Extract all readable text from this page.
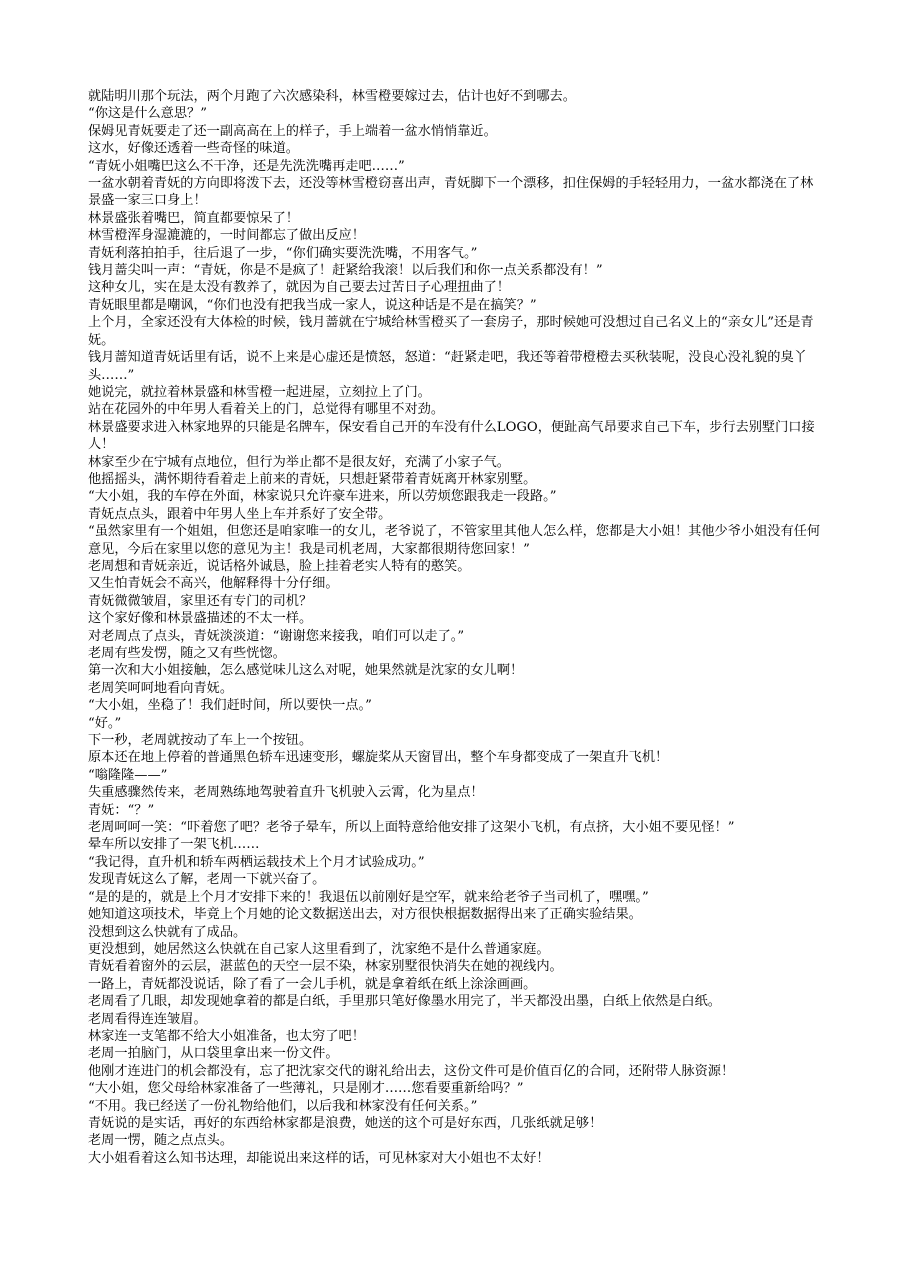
就陆明川那个玩法，两个月跑了六次感染科，林雪橙要嫁过去，估计也好不到哪去。

“你这是什么意思？”

保姆见青妩要走了还一副高高在上的样子，手上端着一盆水悄悄靠近。

这水，好像还透着一些奇怪的味道。

“青妩小姐嘴巴这么不干净，还是先洗洗嘴再走吧……”

一盆水朝着青妩的方向即将泼下去，还没等林雪橙窃喜出声，青妩脚下一个漂移，扣住保姆的手轻轻用力，一盆水都浇在了林景盛一家三口身上！

林景盛张着嘴巴，简直都要惊呆了！

林雪橙浑身湿漉漉的，一时间都忘了做出反应！

青妩利落拍拍手，往后退了一步，“你们确实要洗洗嘴，不用客气。”

钱月蔷尖叫一声：“青妩，你是不是疯了！赶紧给我滚！以后我们和你一点关系都没有！”

这种女儿，实在是太没有教养了，就因为自己要去过苦日子心理扭曲了！

青妩眼里都是嘲讽，“你们也没有把我当成一家人，说这种话是不是在搞笑？”

上个月，全家还没有大体检的时候，钱月蔷就在宁城给林雪橙买了一套房子，那时候她可没想过自己名义上的“亲女儿”还是青妩。

钱月蔷知道青妩话里有话，说不上来是心虚还是愤怒，怒道：“赶紧走吧，我还等着带橙橙去买秋装呢，没良心没礼貌的臭丫头……”

她说完，就拉着林景盛和林雪橙一起进屋，立刻拉上了门。

站在花园外的中年男人看着关上的门，总觉得有哪里不对劲。

林景盛要求进入林家地界的只能是名牌车，保安看自己开的车没有什么LOGO，便趾高气昂要求自己下车，步行去别墅门口接人！

林家至少在宁城有点地位，但行为举止都不是很友好，充满了小家子气。

他摇摇头，满怀期待看着走上前来的青妩，只想赶紧带着青妩离开林家别墅。

“大小姐，我的车停在外面，林家说只允许豪车进来，所以劳烦您跟我走一段路。”

青妩点点头，跟着中年男人坐上车并系好了安全带。

“虽然家里有一个姐姐，但您还是咱家唯一的女儿，老爷说了，不管家里其他人怎么样，您都是大小姐！其他少爷小姐没有任何意见，今后在家里以您的意见为主！我是司机老周，大家都很期待您回家！”

老周想和青妩亲近，说话格外诚恳，脸上挂着老实人特有的憨笑。

又生怕青妩会不高兴，他解释得十分仔细。

青妩微微皱眉，家里还有专门的司机？

这个家好像和林景盛描述的不太一样。

对老周点了点头，青妩淡淡道：“谢谢您来接我，咱们可以走了。”

老周有些发愣，随之又有些恍惚。

第一次和大小姐接触，怎么感觉味儿这么对呢，她果然就是沈家的女儿啊！

老周笑呵呵地看向青妩。

“大小姐，坐稳了！我们赶时间，所以要快一点。”

“好。”

下一秒，老周就按动了车上一个按钮。

原本还在地上停着的普通黑色轿车迅速变形，螺旋桨从天窗冒出，整个车身都变成了一架直升飞机！

“嗡隆隆——”

失重感骤然传来，老周熟练地驾驶着直升飞机驶入云霄，化为星点！

青妩：“？”

老周呵呵一笑：“吓着您了吧？老爷子晕车，所以上面特意给他安排了这架小飞机，有点挤，大小姐不要见怪！”

晕车所以安排了一架飞机……

“我记得，直升机和轿车两栖运载技术上个月才试验成功。”

发现青妩这么了解，老周一下就兴奋了。

“是的是的，就是上个月才安排下来的！我退伍以前刚好是空军，就来给老爷子当司机了，嘿嘿。”

她知道这项技术，毕竟上个月她的论文数据送出去，对方很快根据数据得出来了正确实验结果。

没想到这么快就有了成品。

更没想到，她居然这么快就在自己家人这里看到了，沈家绝不是什么普通家庭。

青妩看着窗外的云层，湛蓝色的天空一层不染，林家别墅很快消失在她的视线内。

一路上，青妩都没说话，除了看了一会儿手机，就是拿着纸在纸上涂涂画画。

老周看了几眼，却发现她拿着的都是白纸，手里那只笔好像墨水用完了，半天都没出墨，白纸上依然是白纸。

老周看得连连皱眉。

林家连一支笔都不给大小姐准备，也太穷了吧！

老周一拍脑门，从口袋里拿出来一份文件。

他刚才连进门的机会都没有，忘了把沈家交代的谢礼给出去，这份文件可是价值百亿的合同，还附带人脉资源！

“大小姐，您父母给林家准备了一些薄礼，只是刚才……您看要重新给吗？”

“不用。我已经送了一份礼物给他们，以后我和林家没有任何关系。”

青妩说的是实话，再好的东西给林家都是浪费，她送的这个可是好东西，几张纸就足够！

老周一愣，随之点点头。

大小姐看着这么知书达理，却能说出来这样的话，可见林家对大小姐也不太好！
